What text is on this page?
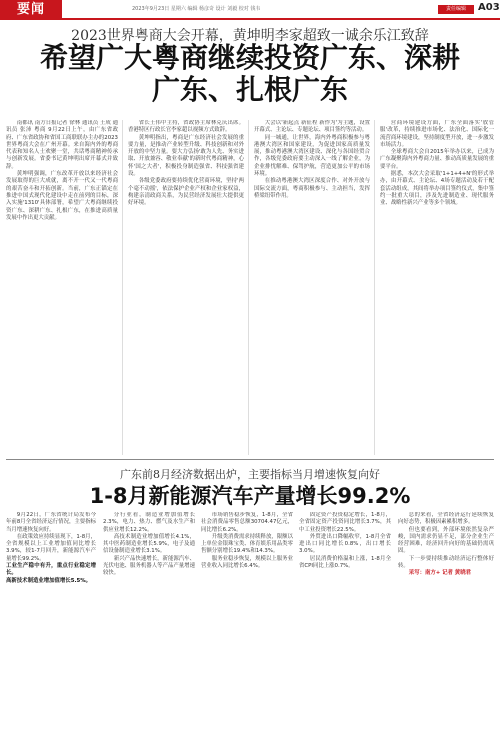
要闻	2023年9月23日 星期六 编辑 杨彦奇 设计 刘毅 校对 钱韦	责任编辑	A03
2023世界粤商大会开幕，黄坤明李家超致一诚余乐江致辞
希望广大粤商继续投资广东、深耕广东、扎根广东

南都讯 南方日报记者 徐林 通讯员 王成 通讯员 张沛 粤商 9月22日上午，由广东省政府、广东省政协和省国工商联联办主办的2023世界粤商大会在广州开幕。来自海内外的粤商代表和知名人士欢聚一堂，共话粤商精神传承与创新发展。省委书记黄坤明出席开幕式并致辞。

黄坤明强调，广东改革开放以来经济社会发展取得的巨大成就，离不开一代又一代粤商的艰苦奋斗和开拓创新。当前，广东正锚定在推进中国式现代化建设中走在前列的目标，深入实施'1310'具体部署，希望广大粤商继续投资广东、深耕广东、扎根广东，在推进高质量发展中作出更大贡献。

省长王伟中主持，省政协主席林克庆出席。香港特区行政长官李家超以视频方式致辞。

黄坤明指出，粤商是广东经济社会发展的重要力量，是推动产业转型升级、科技创新和对外开放的中坚力量。要大力弘扬'敢为人先、务实进取、开放兼容、敬业奉献'的新时代粤商精神，心怀'国之大者'，积极投身制造强省、科技强省建设。

各级党委政府要持续优化营商环境，坚持'两个毫不动摇'，依法保护企业产权和企业家权益，构建亲清政商关系，为民营经济发展壮大提供更好环境。

大会以'新起点 新征程 新作为'为主题，设置开幕式、主论坛、专题论坛、项目签约等活动。

同一城通，让世界，海内外粤商积极参与粤港澳大湾区和国家建设，为促进国家高质量发展，推动粤港澳大湾区建设、深化与各国经贸合作，各级党委政府要主动深入一线了解企业，为企业排忧解难、保驾护航，营造更加公平的市场环境。

在推动粤港澳大湾区深度合作、对外开放与国际交流方面，粤商积极参与、主动担当，发挥桥梁纽带作用。

营商环境建设方面，广东全面落实'放管服'改革，持续推进市场化、法治化、国际化一流营商环境建设，坚持制度型开放，进一步激发市场活力。

全球粤商大会自2015年举办以来，已成为广东凝聚海内外粤商力量、推动高质量发展的重要平台。

据悉，本次大会采取'1+1+4+N'的形式举办，由开幕式、主论坛、4场专题活动及若干配套活动组成，其间将举办项目签约仪式，集中签约一批重大项目，涉及先进制造业、现代服务业、战略性新兴产业等多个领域。

广东前8月经济数据出炉，主要指标当月增速恢复向好
1-8月新能源汽车产量增长99.2%

9月22日，广东省统计局发布今年前8月全省经济运行情况，主要指标当月增速恢复向好。

在政策效应持续显现下，1-8月，全省规模以上工业增加值同比增长3.9%，较1-7月回升，新能源汽车产量增长99.2%。

工业生产稳中有升，重点行业稳定增长。

高新技术制造业增加值增长5.5%。

分行业看，制造业增加值增长2.3%，电力、热力、燃气及水生产和供应业增长12.2%。

高技术制造业增加值增长4.1%，其中医药制造业增长5.9%，电子及通信设备制造业增长3.1%。

新兴产品快速增长，新能源汽车、光伏电池、服务机器人等产品产量增速较快。

市场销售稳步恢复，1-8月，全省社会消费品零售总额30704.47亿元，同比增长6.2%。

升级类消费需求持续释放，限额以上单位金银珠宝类、体育娱乐用品类零售额分别增长19.4%和14.3%。

服务业稳步恢复，规模以上服务业营业收入同比增长6.4%。

固定资产投资稳定增长，1-8月，全省固定资产投资同比增长3.7%，其中工业投资增长22.5%。

外贸进出口降幅收窄，1-8月全省进出口同比增长0.8%，出口增长3.0%。

居民消费价格温和上涨，1-8月全省CPI同比上涨0.7%。

总的来看，全省经济运行延续恢复向好态势，积极因素累积增多。

但也要看到，外部环境依然复杂严峻，国内需求仍显不足，部分企业生产经营困难，经济回升向好的基础仍需巩固。

下一步要持续推动经济运行整体好转。

采写：南方+ 记者 黄晓君
